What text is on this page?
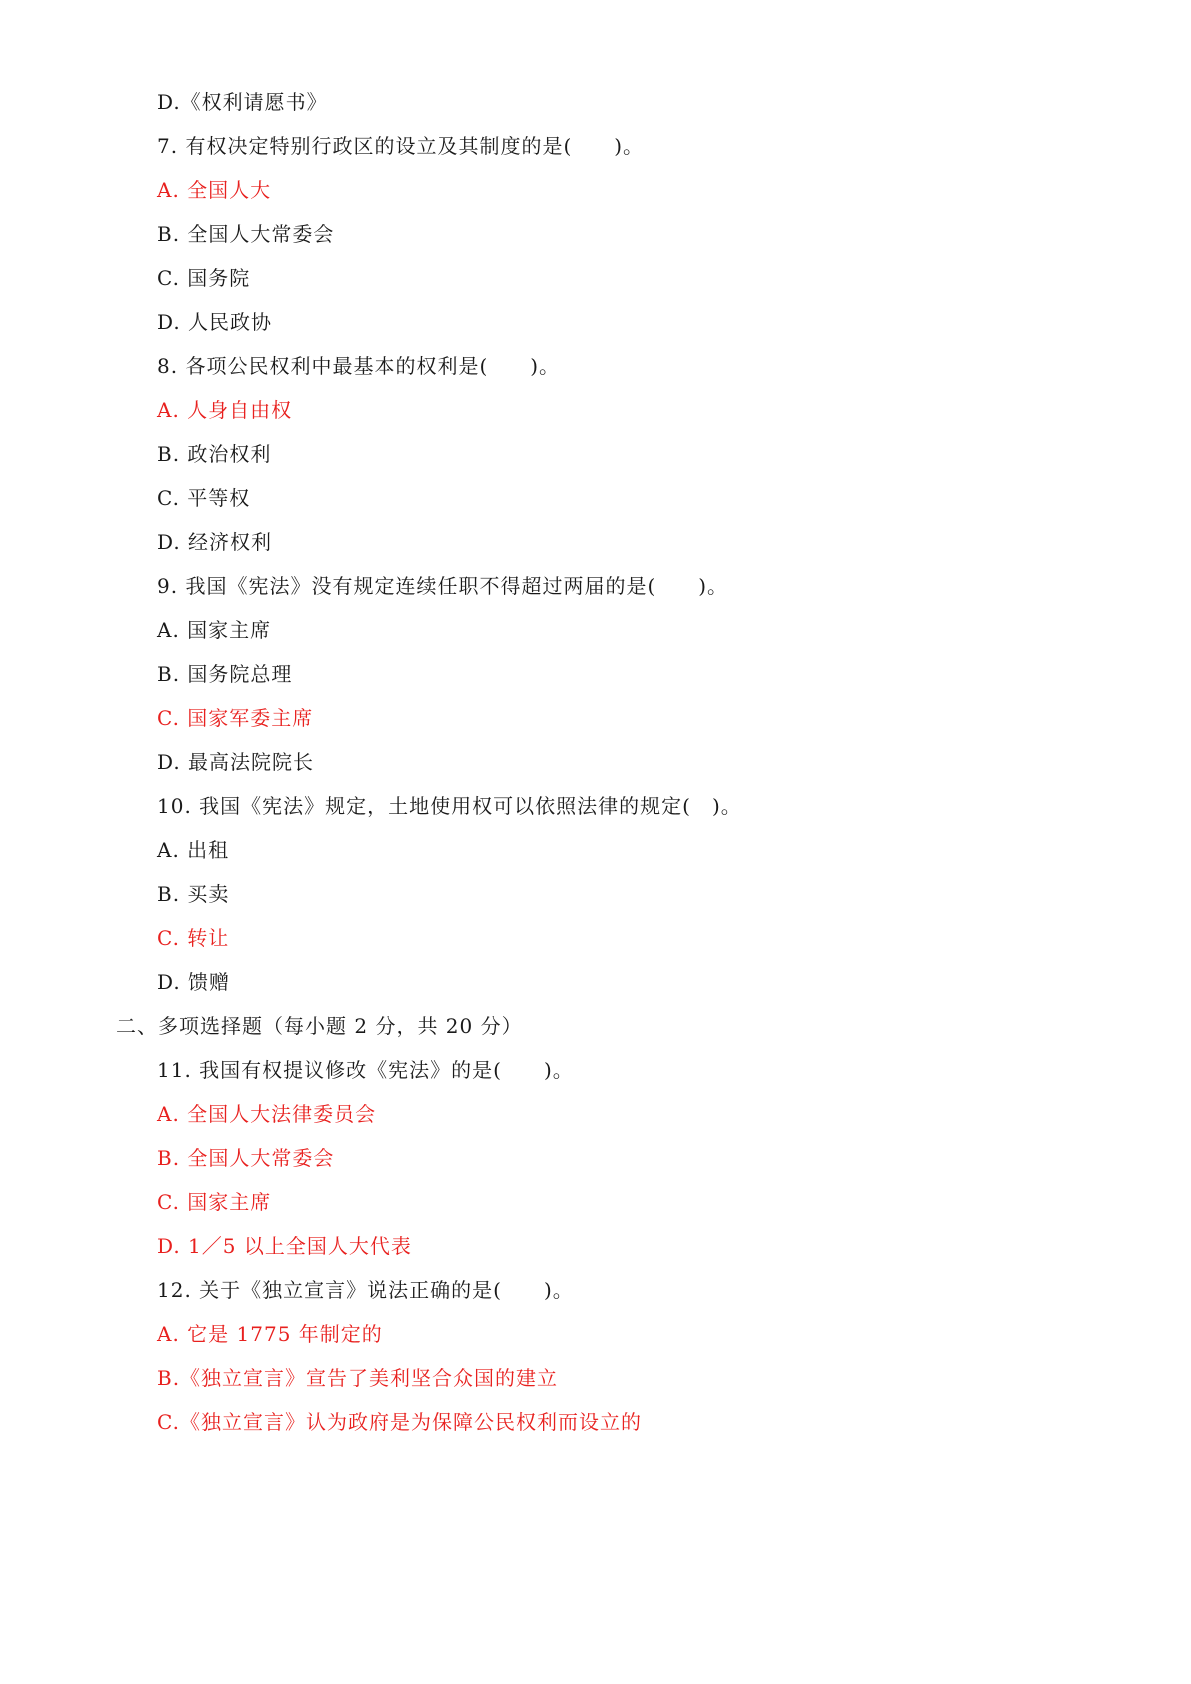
D.《权利请愿书》
7. 有权决定特别行政区的设立及其制度的是(　　)。
A. 全国人大
B. 全国人大常委会
C. 国务院
D. 人民政协
8. 各项公民权利中最基本的权利是(　　)。
A. 人身自由权
B. 政治权利
C. 平等权
D. 经济权利
9. 我国《宪法》没有规定连续任职不得超过两届的是(　　)。
A. 国家主席
B. 国务院总理
C. 国家军委主席
D. 最高法院院长
10. 我国《宪法》规定，土地使用权可以依照法律的规定(　)。
A. 出租
B. 买卖
C. 转让
D. 馈赠
二、多项选择题（每小题 2 分，共 20 分）
11. 我国有权提议修改《宪法》的是(　　)。
A. 全国人大法律委员会
B. 全国人大常委会
C. 国家主席
D. 1／5 以上全国人大代表
12. 关于《独立宣言》说法正确的是(　　)。
A. 它是 1775 年制定的
B.《独立宣言》宣告了美利坚合众国的建立
C.《独立宣言》认为政府是为保障公民权利而设立的
